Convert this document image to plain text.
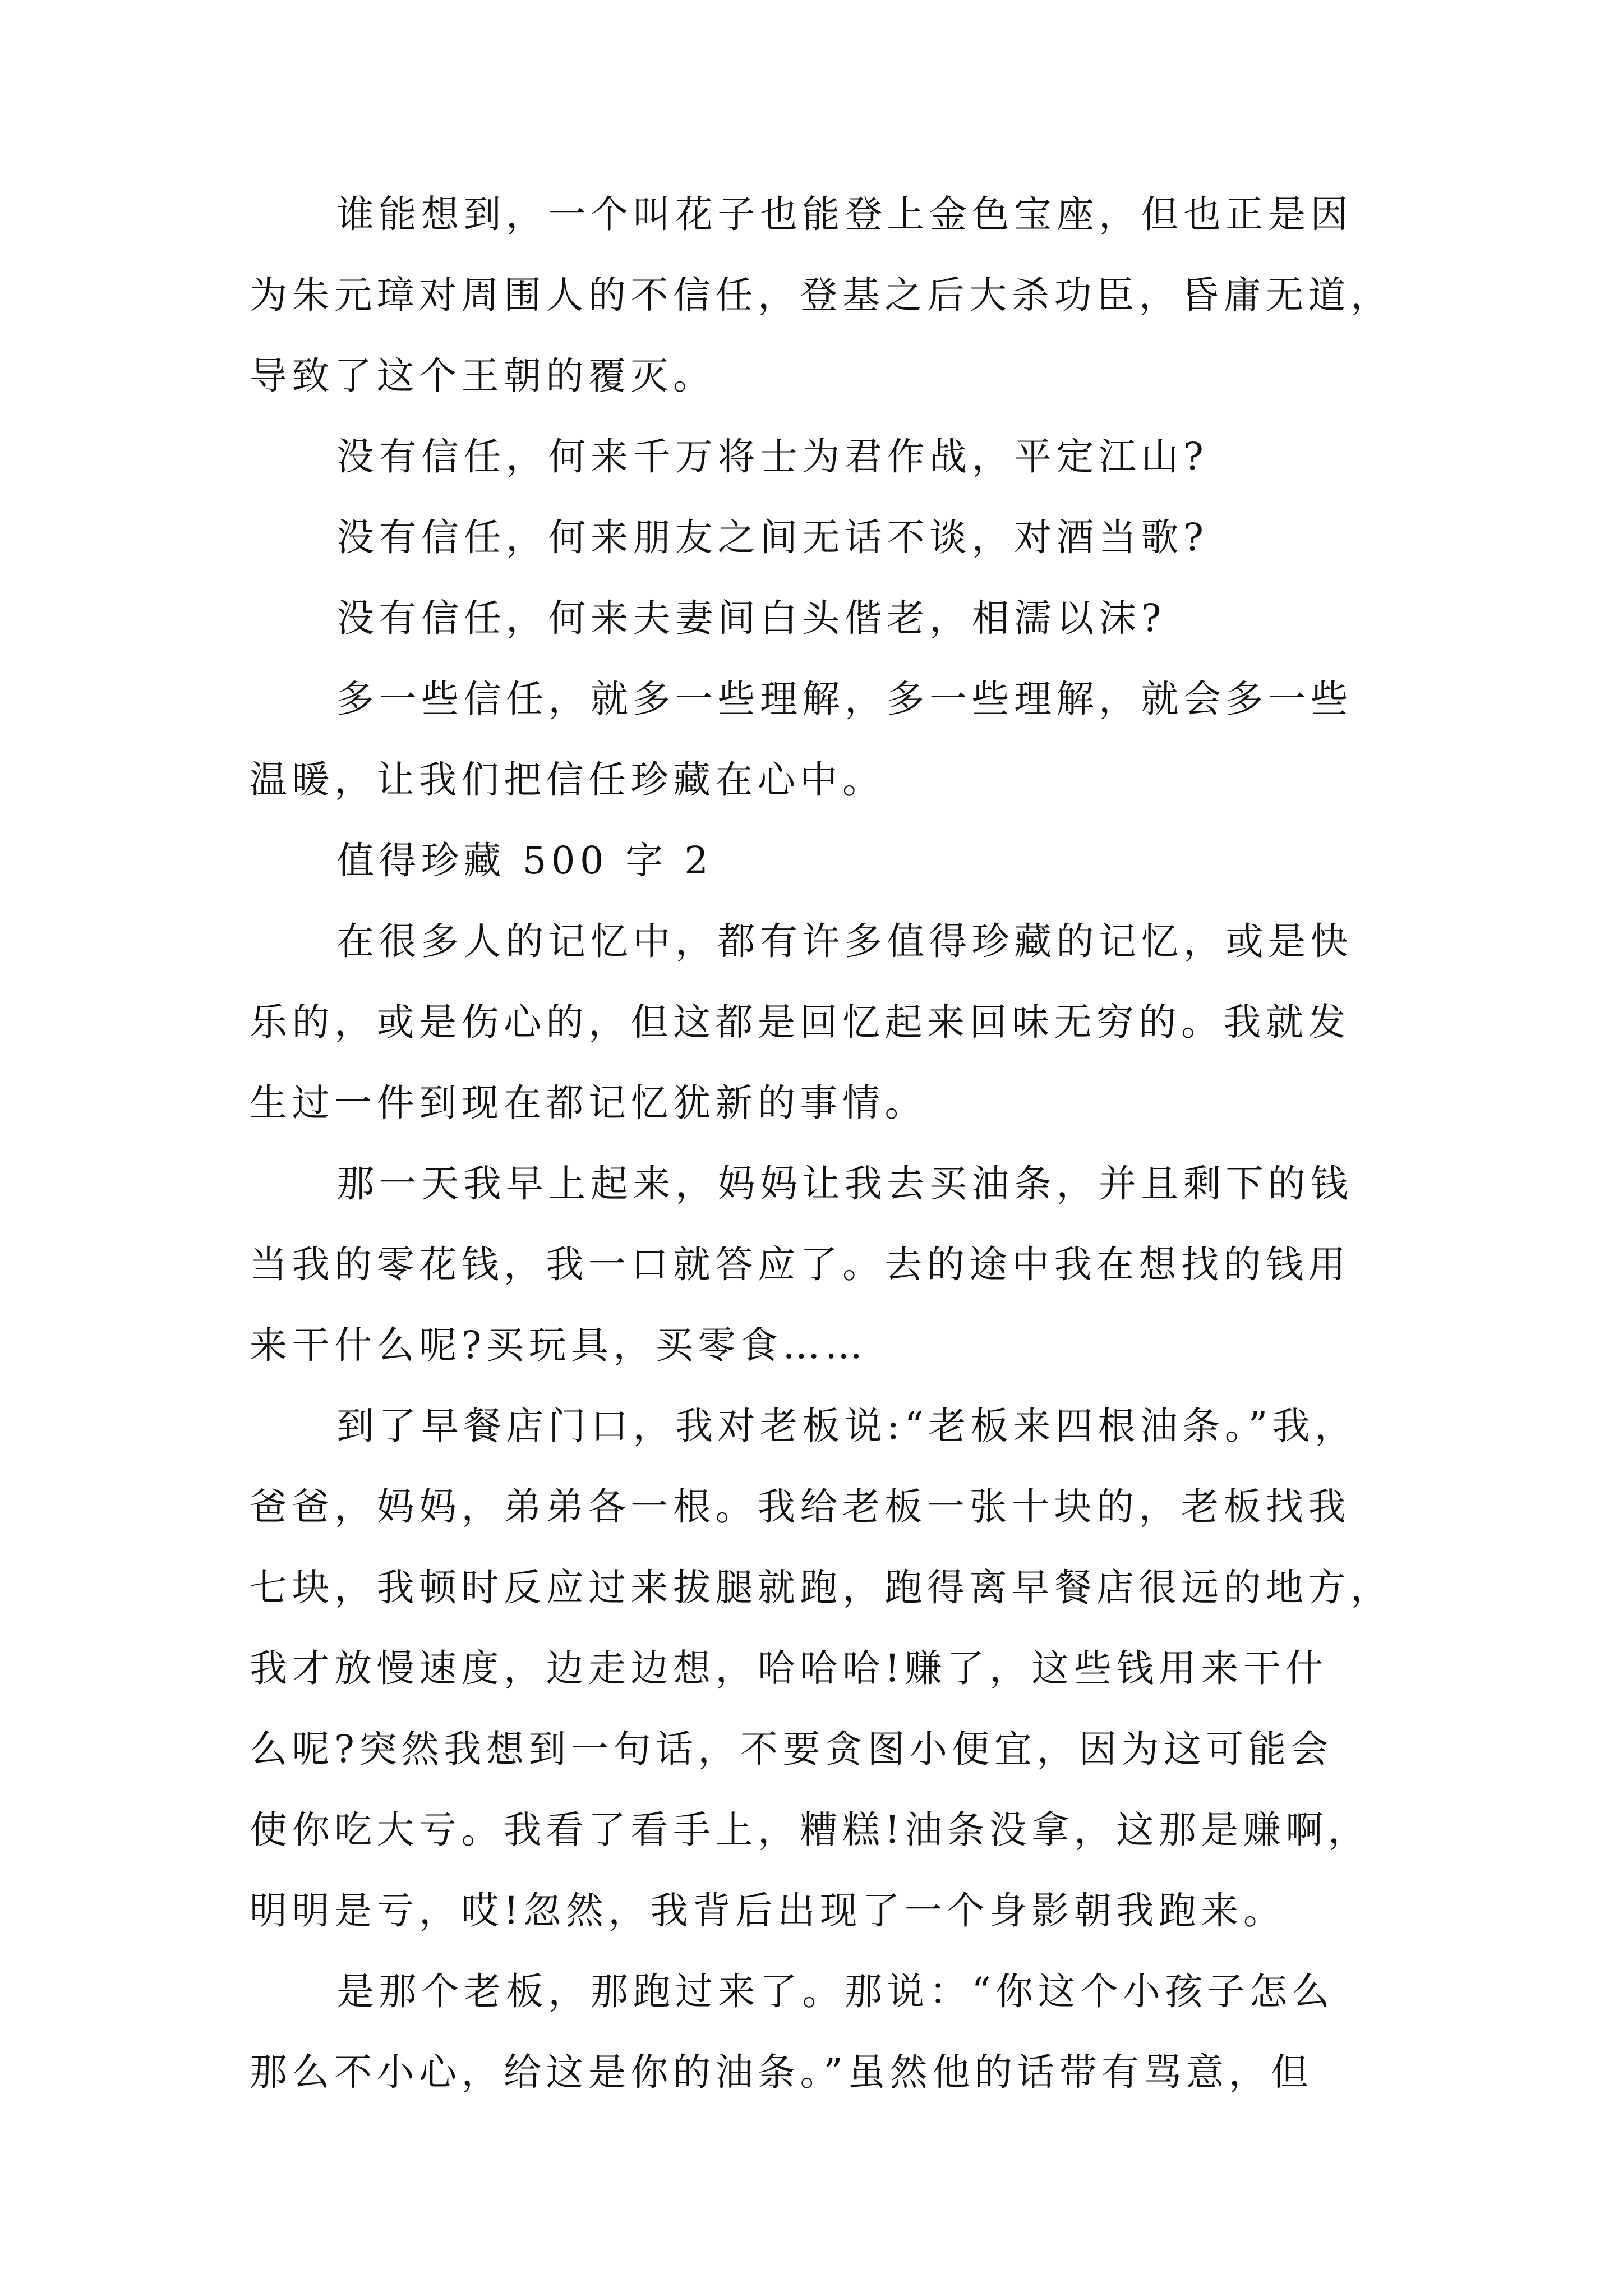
谁能想到，一个叫花子也能登上金色宝座，但也正是因
为朱元璋对周围人的不信任，登基之后大杀功臣，昏庸无道，
导致了这个王朝的覆灭。

没有信任，何来千万将士为君作战，平定江山?

没有信任，何来朋友之间无话不谈，对酒当歌?

没有信任，何来夫妻间白头偕老，相濡以沫?

多一些信任，就多一些理解，多一些理解，就会多一些
温暖，让我们把信任珍藏在心中。

值得珍藏 500 字 2

在很多人的记忆中，都有许多值得珍藏的记忆，或是快
乐的，或是伤心的，但这都是回忆起来回味无穷的。我就发
生过一件到现在都记忆犹新的事情。

那一天我早上起来，妈妈让我去买油条，并且剩下的钱
当我的零花钱，我一口就答应了。去的途中我在想找的钱用
来干什么呢?买玩具，买零食……

到了早餐店门口，我对老板说:“老板来四根油条。”我，
爸爸，妈妈，弟弟各一根。我给老板一张十块的，老板找我
七块，我顿时反应过来拔腿就跑，跑得离早餐店很远的地方，
我才放慢速度，边走边想，哈哈哈!赚了，这些钱用来干什
么呢?突然我想到一句话，不要贪图小便宜，因为这可能会
使你吃大亏。我看了看手上，糟糕!油条没拿，这那是赚啊，
明明是亏，哎!忽然，我背后出现了一个身影朝我跑来。

是那个老板，那跑过来了。那说：“你这个小孩子怎么
那么不小心，给这是你的油条。”虽然他的话带有骂意，但
